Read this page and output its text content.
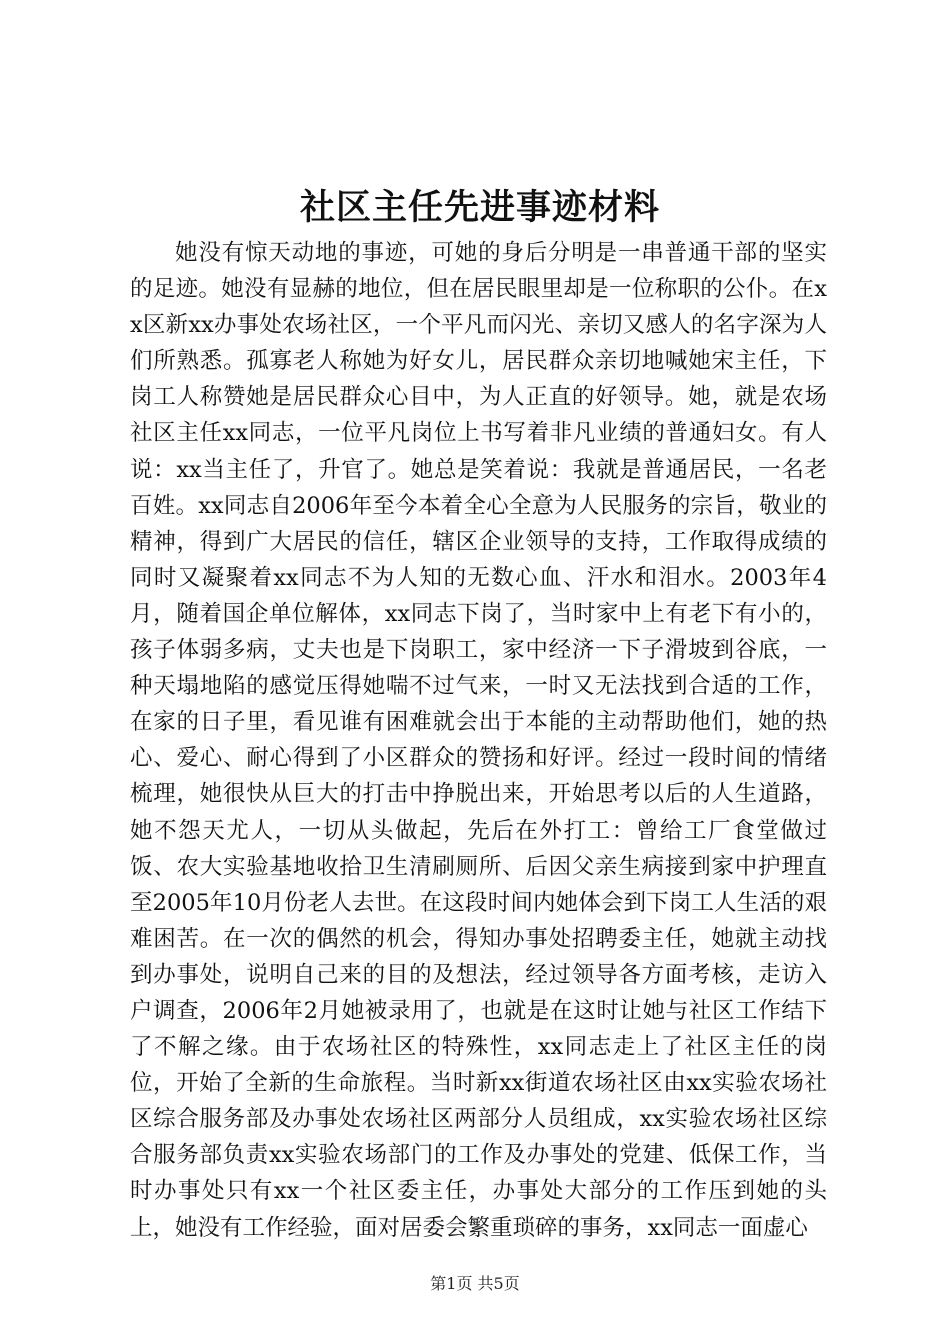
社区主任先进事迹材料

她没有惊天动地的事迹，可她的身后分明是一串普通干部的坚实的足迹。她没有显赫的地位，但在居民眼里却是一位称职的公仆。在xx区新xx办事处农场社区，一个平凡而闪光、亲切又感人的名字深为人们所熟悉。孤寡老人称她为好女儿，居民群众亲切地喊她宋主任，下岗工人称赞她是居民群众心目中，为人正直的好领导。她，就是农场社区主任xx同志，一位平凡岗位上书写着非凡业绩的普通妇女。有人说：xx当主任了，升官了。她总是笑着说：我就是普通居民，一名老百姓。xx同志自2006年至今本着全心全意为人民服务的宗旨，敬业的精神，得到广大居民的信任，辖区企业领导的支持，工作取得成绩的同时又凝聚着xx同志不为人知的无数心血、汗水和泪水。2003年4月，随着国企单位解体，xx同志下岗了，当时家中上有老下有小的，孩子体弱多病，丈夫也是下岗职工，家中经济一下子滑坡到谷底，一种天塌地陷的感觉压得她喘不过气来，一时又无法找到合适的工作，在家的日子里，看见谁有困难就会出于本能的主动帮助他们，她的热心、爱心、耐心得到了小区群众的赞扬和好评。经过一段时间的情绪梳理，她很快从巨大的打击中挣脱出来，开始思考以后的人生道路，她不怨天尤人，一切从头做起，先后在外打工：曾给工厂食堂做过饭、农大实验基地收拾卫生清刷厕所、后因父亲生病接到家中护理直至2005年10月份老人去世。在这段时间内她体会到下岗工人生活的艰难困苦。在一次的偶然的机会，得知办事处招聘委主任，她就主动找到办事处，说明自己来的目的及想法，经过领导各方面考核，走访入户调查，2006年2月她被录用了，也就是在这时让她与社区工作结下了不解之缘。由于农场社区的特殊性，xx同志走上了社区主任的岗位，开始了全新的生命旅程。当时新xx街道农场社区由xx实验农场社区综合服务部及办事处农场社区两部分人员组成，xx实验农场社区综合服务部负责xx实验农场部门的工作及办事处的党建、低保工作，当时办事处只有xx一个社区委主任，办事处大部分的工作压到她的头上，她没有工作经验，面对居委会繁重琐碎的事务，xx同志一面虚心

第1页 共5页
